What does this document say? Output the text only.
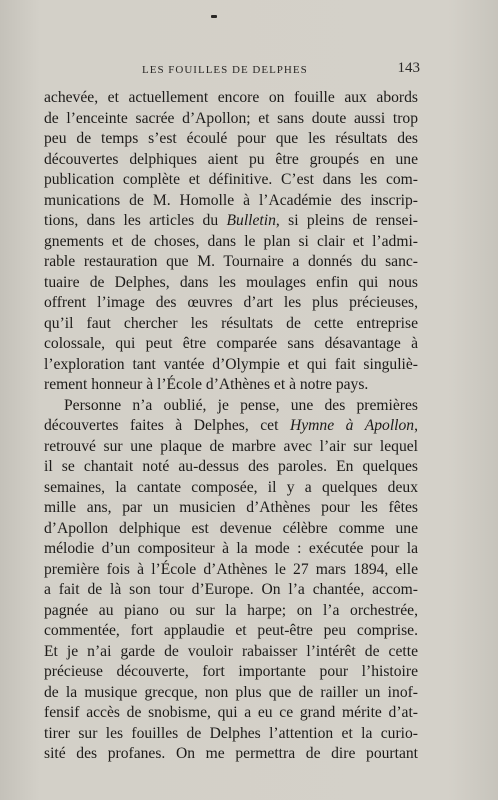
LES FOUILLES DE DELPHES	143
achevée, et actuellement encore on fouille aux abords
de l’enceinte sacrée d’Apollon; et sans doute aussi trop
peu de temps s’est écoulé pour que les résultats des
découvertes delphiques aient pu être groupés en une
publication complète et définitive. C’est dans les com-
munications de M. Homolle à l’Académie des inscrip-
tions, dans les articles du Bulletin, si pleins de rensei-
gnements et de choses, dans le plan si clair et l’admi-
rable restauration que M. Tournaire a donnés du sanc-
tuaire de Delphes, dans les moulages enfin qui nous
offrent l’image des œuvres d’art les plus précieuses,
qu’il faut chercher les résultats de cette entreprise
colossale, qui peut être comparée sans désavantage à
l’exploration tant vantée d’Olympie et qui fait singuliè-
rement honneur à l’École d’Athènes et à notre pays.
Personne n’a oublié, je pense, une des premières
découvertes faites à Delphes, cet Hymne à Apollon,
retrouvé sur une plaque de marbre avec l’air sur lequel
il se chantait noté au-dessus des paroles. En quelques
semaines, la cantate composée, il y a quelques deux
mille ans, par un musicien d’Athènes pour les fêtes
d’Apollon delphique est devenue célèbre comme une
mélodie d’un compositeur à la mode : exécutée pour la
première fois à l’École d’Athènes le 27 mars 1894, elle
a fait de là son tour d’Europe. On l’a chantée, accom-
pagnée au piano ou sur la harpe; on l’a orchestrée,
commentée, fort applaudie et peut-être peu comprise.
Et je n’ai garde de vouloir rabaisser l’intérêt de cette
précieuse découverte, fort importante pour l’histoire
de la musique grecque, non plus que de railler un inof-
fensif accès de snobisme, qui a eu ce grand mérite d’at-
tirer sur les fouilles de Delphes l’attention et la curio-
sité des profanes. On me permettra de dire pourtant
